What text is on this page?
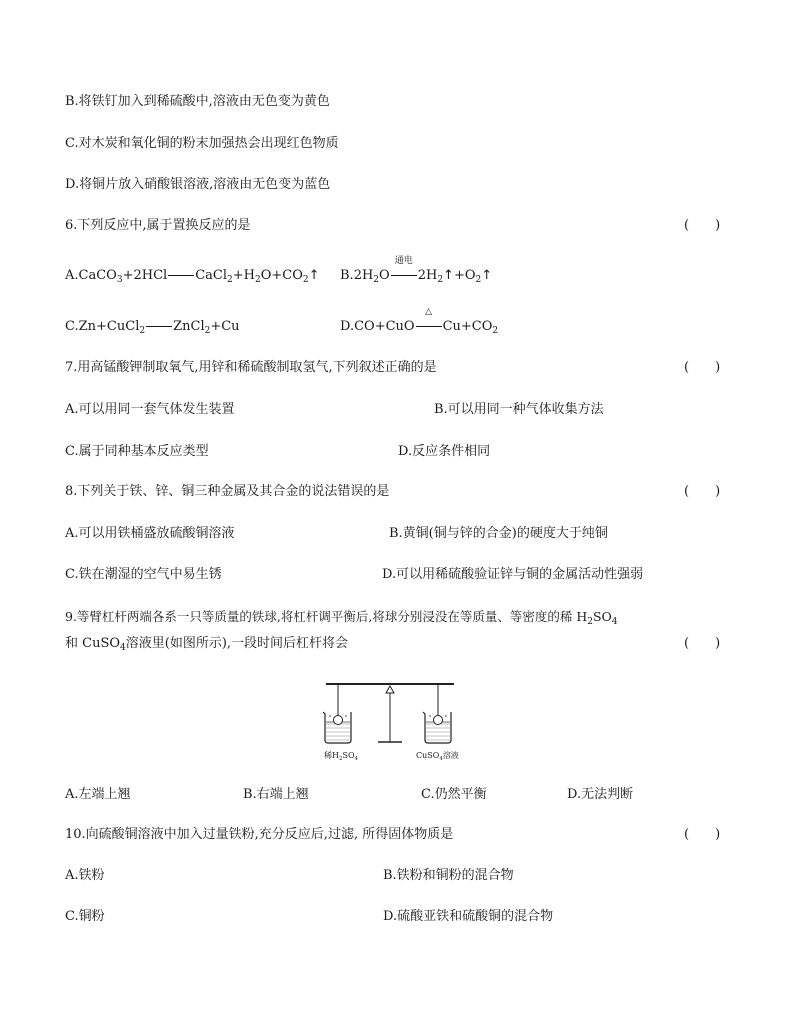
B.将铁钉加入到稀硫酸中,溶液由无色变为黄色
C.对木炭和氧化铜的粉末加强热会出现红色物质
D.将铜片放入硝酸银溶液,溶液由无色变为蓝色
6.下列反应中,属于置换反应的是	(　　)
A.CaCO$_3$+2HCl $CaCl_2+H_2O+CO_2↑$ $B.2H_2O$
通电
$2H_2↑+O_2↑$
C.Zn+CuCl$_2$ ZnCl$_2$+Cu	D.CO+CuO
△
$Cu+CO_2$
7.用高锰酸钾制取氧气,用锌和稀硫酸制取氢气,下列叙述正确的是	(　　)
A.可以用同一套气体发生装置	B.可以用同一种气体收集方法
C.属于同种基本反应类型	D.反应条件相同
8.下列关于铁、锌、铜三种金属及其合金的说法错误的是	(　　)
A.可以用铁桶盛放硫酸铜溶液	B.黄铜(铜与锌的合金)的硬度大于纯铜
C.铁在潮湿的空气中易生锈	D.可以用稀硫酸验证锌与铜的金属活动性强弱
9.等臂杠杆两端各系一只等质量的铁球,将杠杆调平衡后,将球分别浸没在等质量、等密度的稀 $H_2SO_4$
和 CuSO$_4$溶液里(如图所示),一段时间后杠杆将会	(　　)
稀$H_2SO_4$	CuSO$_4$溶液
A.左端上翘	B.右端上翘	C.仍然平衡	D.无法判断
10.向硫酸铜溶液中加入过量铁粉,充分反应后,过滤, 所得固体物质是	(　　)
A.铁粉	B.铁粉和铜粉的混合物
C.铜粉	D.硫酸亚铁和硫酸铜的混合物
